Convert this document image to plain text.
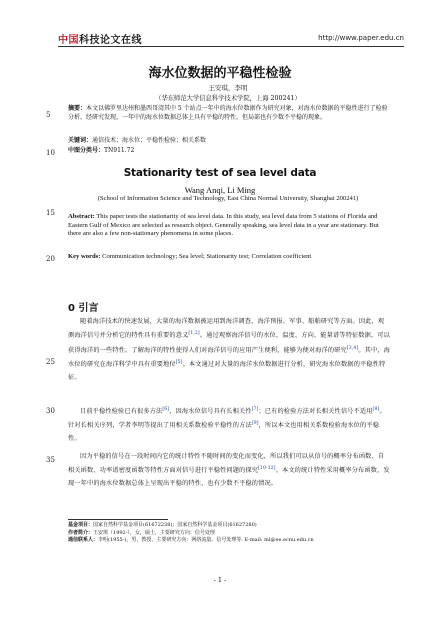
中国科技论文在线	http://www.paper.edu.cn
5
10
15
20
25
30
35
海水位数据的平稳性检验
王安琪，李明
（华东师范大学信息科学技术学院，上海 200241）
摘要：本文以佛罗里达州和墨西哥湾其中 5 个站点一年中的海水位数据作为研究对象，对海水位数据的平稳性进行了检验分析。经研究发现，一年中的海水位数据总体上具有平稳的特性，但局部也有少数不平稳的现象。
关键词：通信技术；海水位；平稳性检验；相关系数
中图分类号：TN911.72
Stationarity test of sea level data
Wang Anqi, Li Ming
(School of Information Science and Technology, East China Normal University, Shanghai 200241)
Abstract: This paper tests the stationarity of sea level data. In this study, sea level data from 5 stations of Florida and Eastern Gulf of Mexico are selected as research object. Generally speaking, sea level data in a year are stationary. But there are also a few non-stationary phenomena in some places.
Key words: Communication technology; Sea level; Stationarity test; Correlation coefficient
0 引言
随着海洋技术的快速发展，大量的海洋数据被运用到海洋调查、海洋预报、军事、船舶研究等方面。因此，观测海洋信号并分析它的特性具有重要的意义[1,2]。通过观察海洋信号的水位、温度、方向、能量谱等特征数据，可以获得海洋的一些特性。了解海洋的特性使得人们对海洋信号的应用产生便利，能够为便对海洋的研究[3,4]。其中，海水位的研究在海洋科学中具有重要地位[5]。本文通过对大量的海洋水位数据进行分析，研究海水位数据的平稳性特征。
目前平稳性检验已有很多方法[6]，因海水位信号具有长相关性[7]；已有的检验方法对长相关性信号不适用[8]。针对长相关序列，学者李明等提出了用相关系数检验平稳性的方法[9]，所以本文也用相关系数检验海水位的平稳性。
因为平稳的信号在一段时间内它的统计特性不随时间的变化而变化，所以我们可以从信号的概率分布函数、自相关函数、功率谱密度函数等特性方面对信号进行平稳性问题的探究[10-12]。本文的统计特性采用概率分布函数，发现一年中的海水位数据总体上呈现出平稳的特性，也有少数不平稳的情况。
基金项目：国家自然科学基金项目(61672238)；国家自然科学基金项目(61627280)
作者简介：王安琪（1992-），女，硕士，主要研究方向：信号处理
通信联系人：李明(1955-)，男，教授，主要研究方向：网络流量、信号处理等. E-mail: ml@ee.ecnu.edu.cn
- 1 -
